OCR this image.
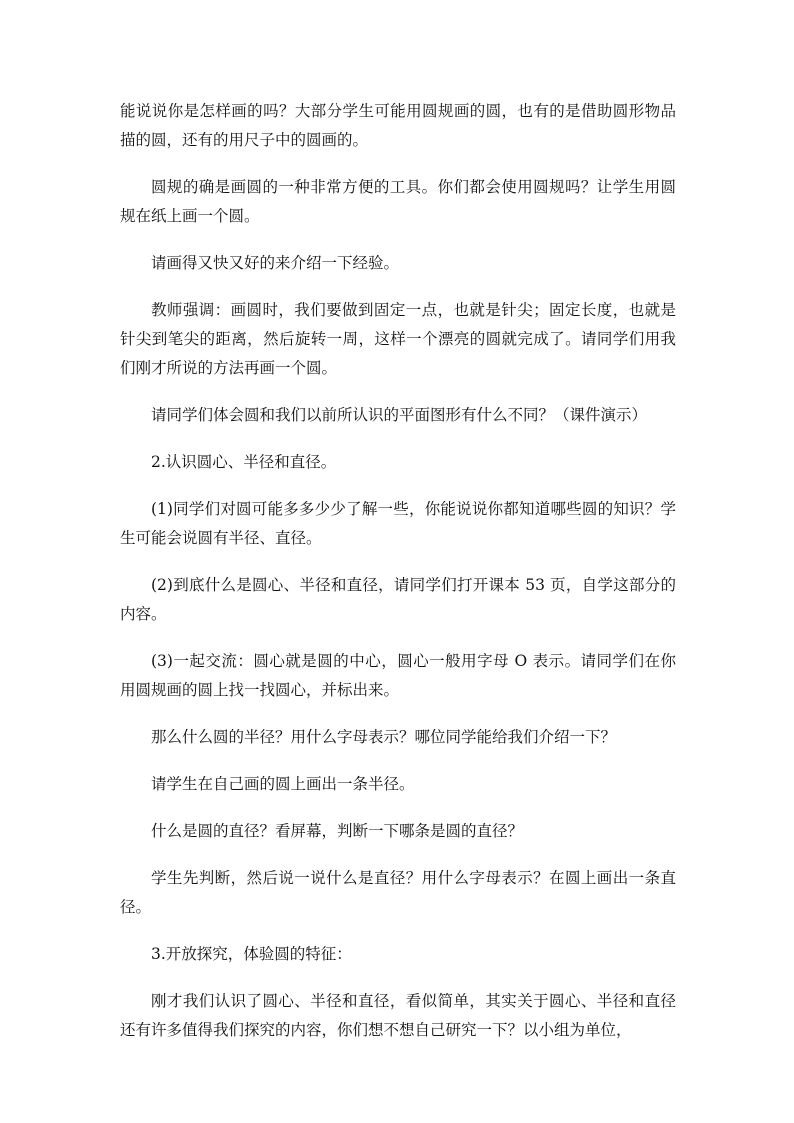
能说说你是怎样画的吗？大部分学生可能用圆规画的圆，也有的是借助圆形物品描的圆，还有的用尺子中的圆画的。

圆规的确是画圆的一种非常方便的工具。你们都会使用圆规吗？让学生用圆规在纸上画一个圆。

请画得又快又好的来介绍一下经验。

教师强调：画圆时，我们要做到固定一点，也就是针尖；固定长度，也就是针尖到笔尖的距离，然后旋转一周，这样一个漂亮的圆就完成了。请同学们用我们刚才所说的方法再画一个圆。

请同学们体会圆和我们以前所认识的平面图形有什么不同？（课件演示）

2.认识圆心、半径和直径。

(1)同学们对圆可能多多少少了解一些，你能说说你都知道哪些圆的知识？学生可能会说圆有半径、直径。

(2)到底什么是圆心、半径和直径，请同学们打开课本 53 页，自学这部分的内容。

(3)一起交流：圆心就是圆的中心，圆心一般用字母 O 表示。请同学们在你用圆规画的圆上找一找圆心，并标出来。

那么什么圆的半径？用什么字母表示？哪位同学能给我们介绍一下？

请学生在自己画的圆上画出一条半径。

什么是圆的直径？看屏幕，判断一下哪条是圆的直径？

学生先判断，然后说一说什么是直径？用什么字母表示？在圆上画出一条直径。

3.开放探究，体验圆的特征：

刚才我们认识了圆心、半径和直径，看似简单，其实关于圆心、半径和直径还有许多值得我们探究的内容，你们想不想自己研究一下？以小组为单位，
